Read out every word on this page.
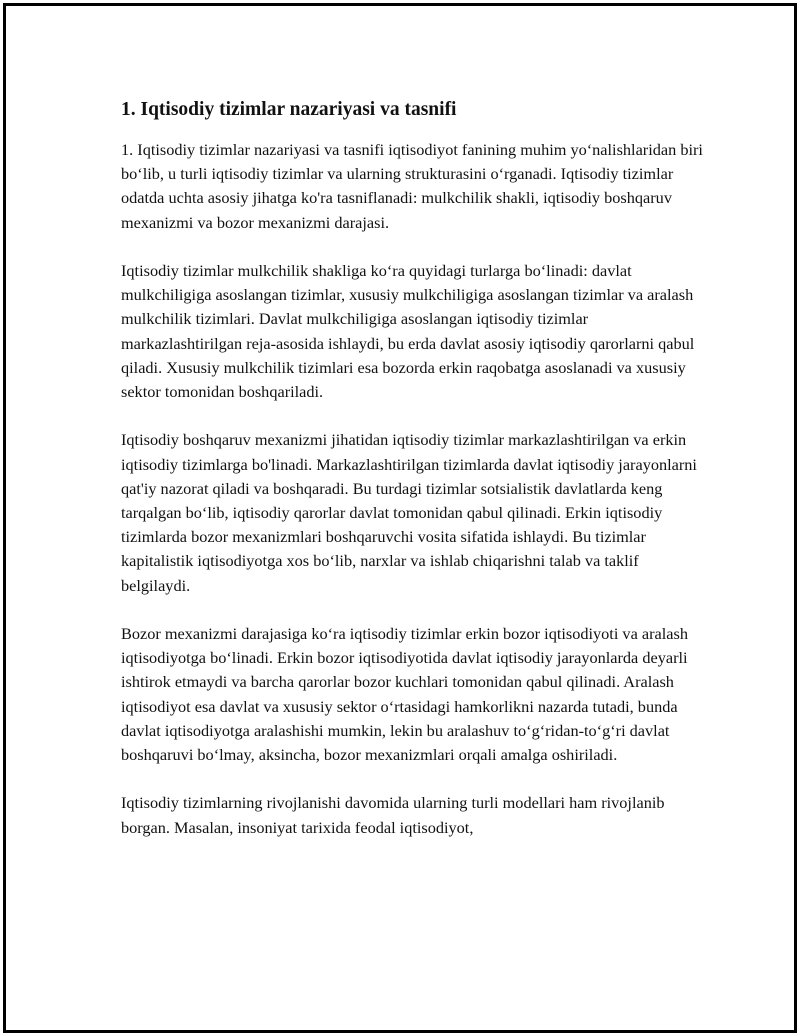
1. Iqtisodiy tizimlar nazariyasi va tasnifi

1. Iqtisodiy tizimlar nazariyasi va tasnifi iqtisodiyot fanining muhim yo‘nalishlaridan biri bo‘lib, u turli iqtisodiy tizimlar va ularning strukturasini o‘rganadi. Iqtisodiy tizimlar odatda uchta asosiy jihatga ko'ra tasniflanadi: mulkchilik shakli, iqtisodiy boshqaruv mexanizmi va bozor mexanizmi darajasi.

Iqtisodiy tizimlar mulkchilik shakliga ko‘ra quyidagi turlarga bo‘linadi: davlat mulkchiligiga asoslangan tizimlar, xususiy mulkchiligiga asoslangan tizimlar va aralash mulkchilik tizimlari. Davlat mulkchiligiga asoslangan iqtisodiy tizimlar markazlashtirilgan reja-asosida ishlaydi, bu erda davlat asosiy iqtisodiy qarorlarni qabul qiladi. Xususiy mulkchilik tizimlari esa bozorda erkin raqobatga asoslanadi va xususiy sektor tomonidan boshqariladi.

Iqtisodiy boshqaruv mexanizmi jihatidan iqtisodiy tizimlar markazlashtirilgan va erkin iqtisodiy tizimlarga bo'linadi. Markazlashtirilgan tizimlarda davlat iqtisodiy jarayonlarni qat'iy nazorat qiladi va boshqaradi. Bu turdagi tizimlar sotsialistik davlatlarda keng tarqalgan bo‘lib, iqtisodiy qarorlar davlat tomonidan qabul qilinadi. Erkin iqtisodiy tizimlarda bozor mexanizmlari boshqaruvchi vosita sifatida ishlaydi. Bu tizimlar kapitalistik iqtisodiyotga xos bo‘lib, narxlar va ishlab chiqarishni talab va taklif belgilaydi.

Bozor mexanizmi darajasiga ko‘ra iqtisodiy tizimlar erkin bozor iqtisodiyoti va aralash iqtisodiyotga bo‘linadi. Erkin bozor iqtisodiyotida davlat iqtisodiy jarayonlarda deyarli ishtirok etmaydi va barcha qarorlar bozor kuchlari tomonidan qabul qilinadi. Aralash iqtisodiyot esa davlat va xususiy sektor o‘rtasidagi hamkorlikni nazarda tutadi, bunda davlat iqtisodiyotga aralashishi mumkin, lekin bu aralashuv to‘g‘ridan-to‘g‘ri davlat boshqaruvi bo‘lmay, aksincha, bozor mexanizmlari orqali amalga oshiriladi.

Iqtisodiy tizimlarning rivojlanishi davomida ularning turli modellari ham rivojlanib borgan. Masalan, insoniyat tarixida feodal iqtisodiyot,
